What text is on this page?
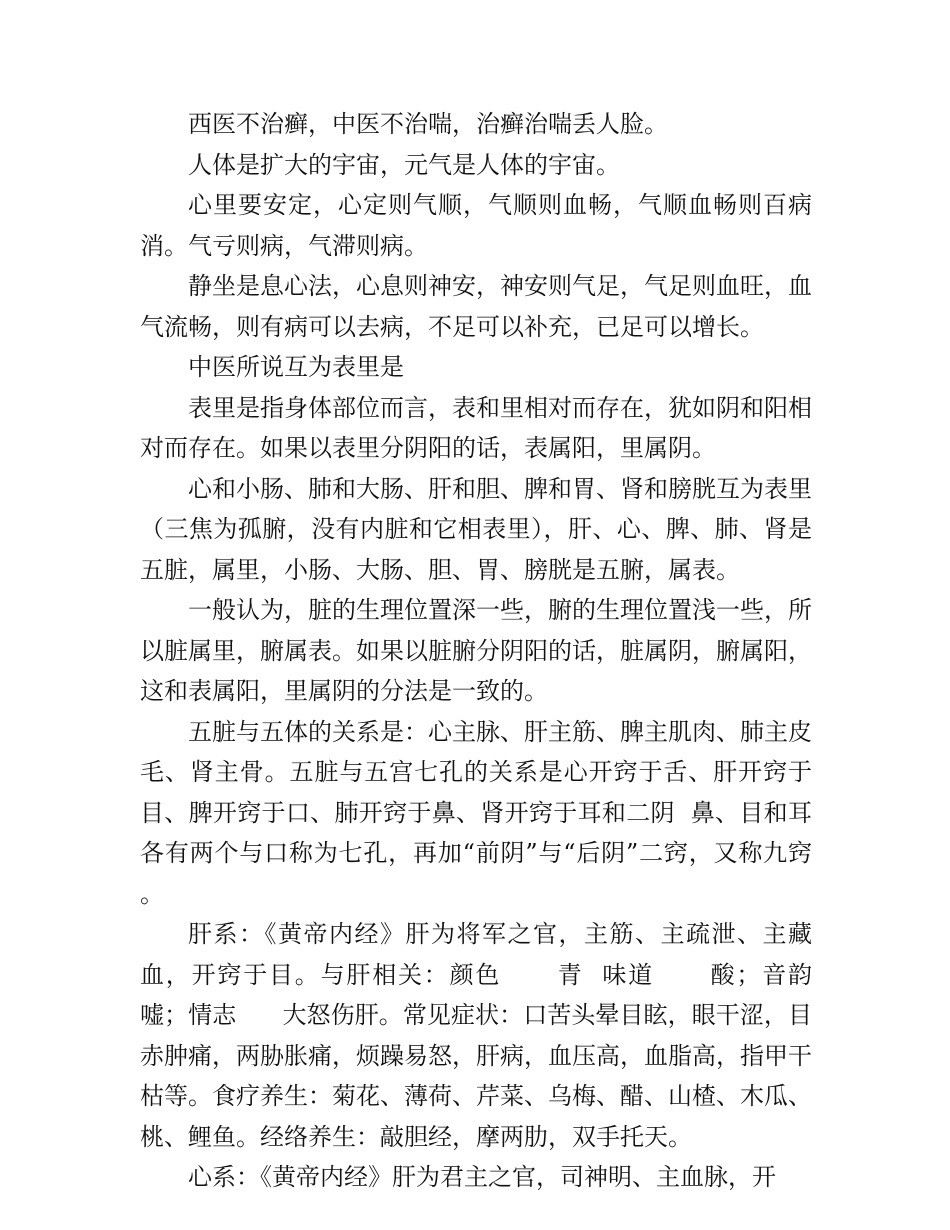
西医不治癣，中医不治喘，治癣治喘丢人脸。

人体是扩大的宇宙，元气是人体的宇宙。

心里要安定，心定则气顺，气顺则血畅，气顺血畅则百病消。气亏则病，气滞则病。

静坐是息心法，心息则神安，神安则气足，气足则血旺，血气流畅，则有病可以去病，不足可以补充，已足可以增长。

中医所说互为表里是

表里是指身体部位而言，表和里相对而存在，犹如阴和阳相对而存在。如果以表里分阴阳的话，表属阳，里属阴。

心和小肠、肺和大肠、肝和胆、脾和胃、肾和膀胱互为表里（三焦为孤腑，没有内脏和它相表里），肝、心、脾、肺、肾是五脏，属里，小肠、大肠、胆、胃、膀胱是五腑，属表。

一般认为，脏的生理位置深一些，腑的生理位置浅一些，所以脏属里，腑属表。如果以脏腑分阴阳的话，脏属阴，腑属阳，这和表属阳，里属阴的分法是一致的。

五脏与五体的关系是：心主脉、肝主筋、脾主肌肉、肺主皮毛、肾主骨。五脏与五宫七孔的关系是心开窍于舌、肝开窍于目、脾开窍于口、肺开窍于鼻、肾开窍于耳和二阴  鼻、目和耳各有两个与口称为七孔，再加“前阴”与“后阴”二窍，又称九窍  。

肝系：《黄帝内经》肝为将军之官，主筋、主疏泄、主藏血，开窍于目。与肝相关：颜色      青  味道      酸；音韵      嘘；情志      大怒伤肝。常见症状：口苦头晕目眩，眼干涩，目赤肿痛，两胁胀痛，烦躁易怒，肝病，血压高，血脂高，指甲干枯等。食疗养生：菊花、薄荷、芹菜、乌梅、醋、山楂、木瓜、桃、鲤鱼。经络养生：敲胆经，摩两肋，双手托天。

心系：《黄帝内经》肝为君主之官，司神明、主血脉，开
